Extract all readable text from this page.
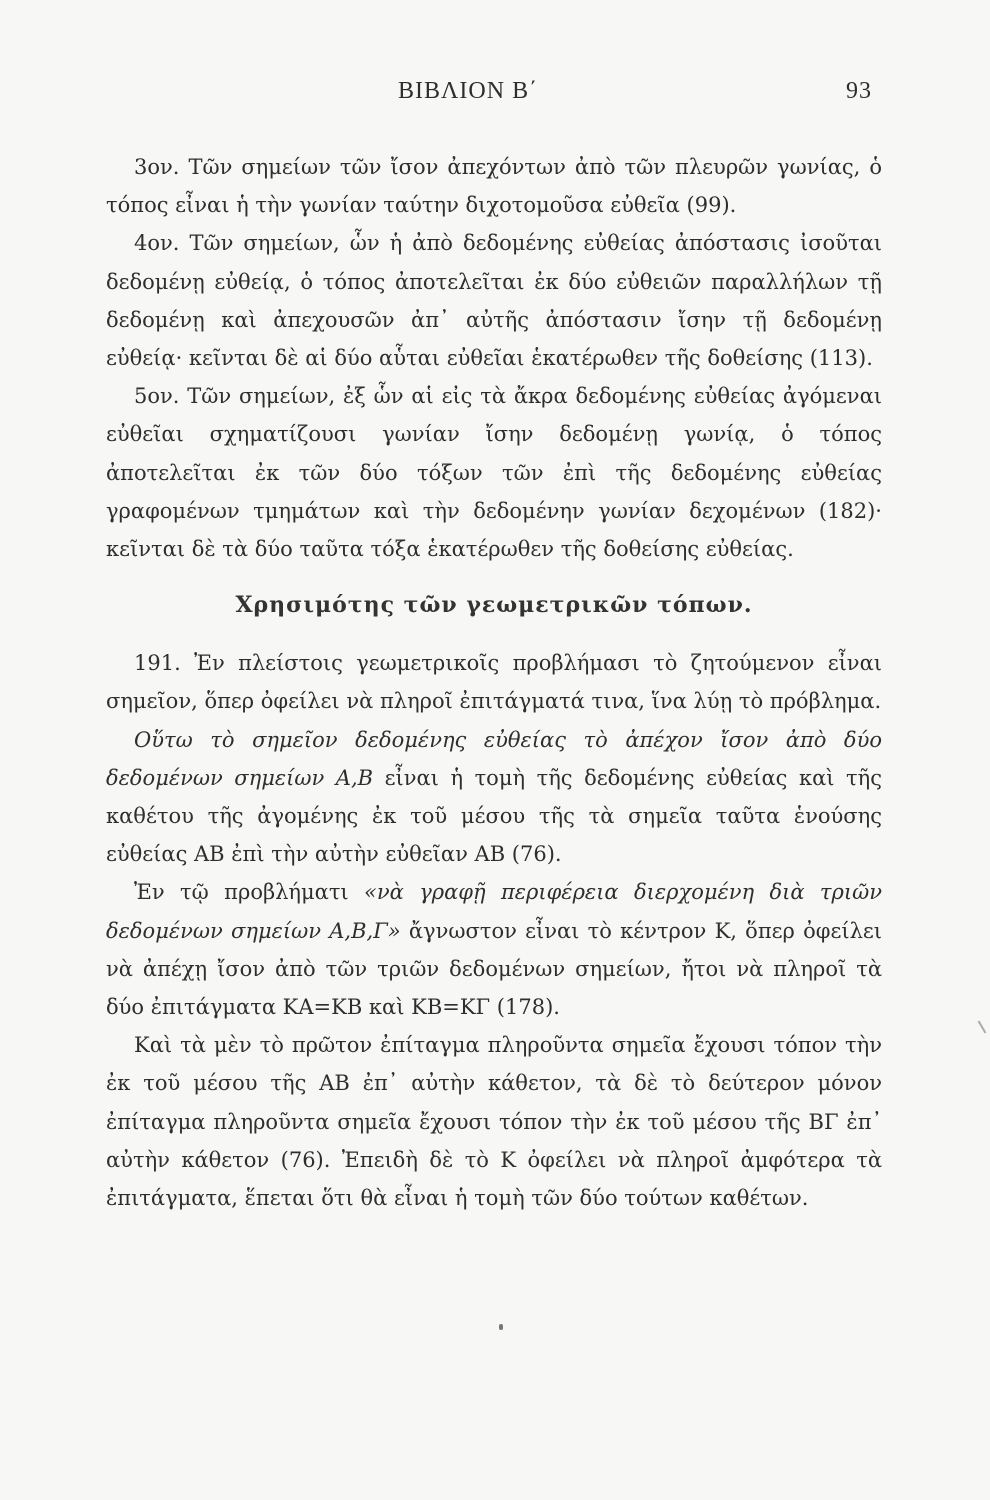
ΒΙΒΛΙΟΝ Β΄	93

3ον. Τῶν σημείων τῶν ἴσον ἀπεχόντων ἀπὸ τῶν πλευρῶν γωνίας, ὁ τόπος εἶναι ἡ τὴν γωνίαν ταύτην διχοτομοῦσα εὐθεῖα (99).

4ον. Τῶν σημείων, ὧν ἡ ἀπὸ δεδομένης εὐθείας ἀπόστασις ἰσοῦται δεδομένῃ εὐθείᾳ, ὁ τόπος ἀποτελεῖται ἐκ δύο εὐθειῶν παραλλήλων τῇ δεδομένῃ καὶ ἀπεχουσῶν ἀπ᾽ αὐτῆς ἀπόστασιν ἴσην τῇ δεδομένῃ εὐθείᾳ· κεῖνται δὲ αἱ δύο αὗται εὐθεῖαι ἑκατέρωθεν τῆς δοθείσης (113).

5ον. Τῶν σημείων, ἐξ ὧν αἱ εἰς τὰ ἄκρα δεδομένης εὐθείας ἀγόμεναι εὐθεῖαι σχηματίζουσι γωνίαν ἴσην δεδομένῃ γωνίᾳ, ὁ τόπος ἀποτελεῖται ἐκ τῶν δύο τόξων τῶν ἐπὶ τῆς δεδομένης εὐθείας γραφομένων τμημάτων καὶ τὴν δεδομένην γωνίαν δεχομένων (182)· κεῖνται δὲ τὰ δύο ταῦτα τόξα ἑκατέρωθεν τῆς δοθείσης εὐθείας.

Χρησιμότης τῶν γεωμετρικῶν τόπων.

191. Ἐν πλείστοις γεωμετρικοῖς προβλήμασι τὸ ζητούμενον εἶναι σημεῖον, ὅπερ ὀφείλει νὰ πληροῖ ἐπιτάγματά τινα, ἵνα λύῃ τὸ πρόβλημα.

Οὕτω τὸ σημεῖον δεδομένης εὐθείας τὸ ἀπέχον ἴσον ἀπὸ δύο δεδομένων σημείων Α,Β εἶναι ἡ τομὴ τῆς δεδομένης εὐθείας καὶ τῆς καθέτου τῆς ἀγομένης ἐκ τοῦ μέσου τῆς τὰ σημεῖα ταῦτα ἑνούσης εὐθείας ΑΒ ἐπὶ τὴν αὐτὴν εὐθεῖαν ΑΒ (76).

Ἐν τῷ προβλήματι «νὰ γραφῇ περιφέρεια διερχομένη διὰ τριῶν δεδομένων σημείων Α,Β,Γ» ἄγνωστον εἶναι τὸ κέντρον Κ, ὅπερ ὀφείλει νὰ ἀπέχῃ ἴσον ἀπὸ τῶν τριῶν δεδομένων σημείων, ἤτοι νὰ πληροῖ τὰ δύο ἐπιτάγματα ΚΑ=ΚΒ καὶ ΚΒ=ΚΓ (178).

Καὶ τὰ μὲν τὸ πρῶτον ἐπίταγμα πληροῦντα σημεῖα ἔχουσι τόπον τὴν ἐκ τοῦ μέσου τῆς ΑΒ ἐπ᾽ αὐτὴν κάθετον, τὰ δὲ τὸ δεύτερον μόνον ἐπίταγμα πληροῦντα σημεῖα ἔχουσι τόπον τὴν ἐκ τοῦ μέσου τῆς ΒΓ ἐπ᾽ αὐτὴν κάθετον (76). Ἐπειδὴ δὲ τὸ Κ ὀφείλει νὰ πληροῖ ἀμφότερα τὰ ἐπιτάγματα, ἕπεται ὅτι θὰ εἶναι ἡ τομὴ τῶν δύο τούτων καθέτων.
